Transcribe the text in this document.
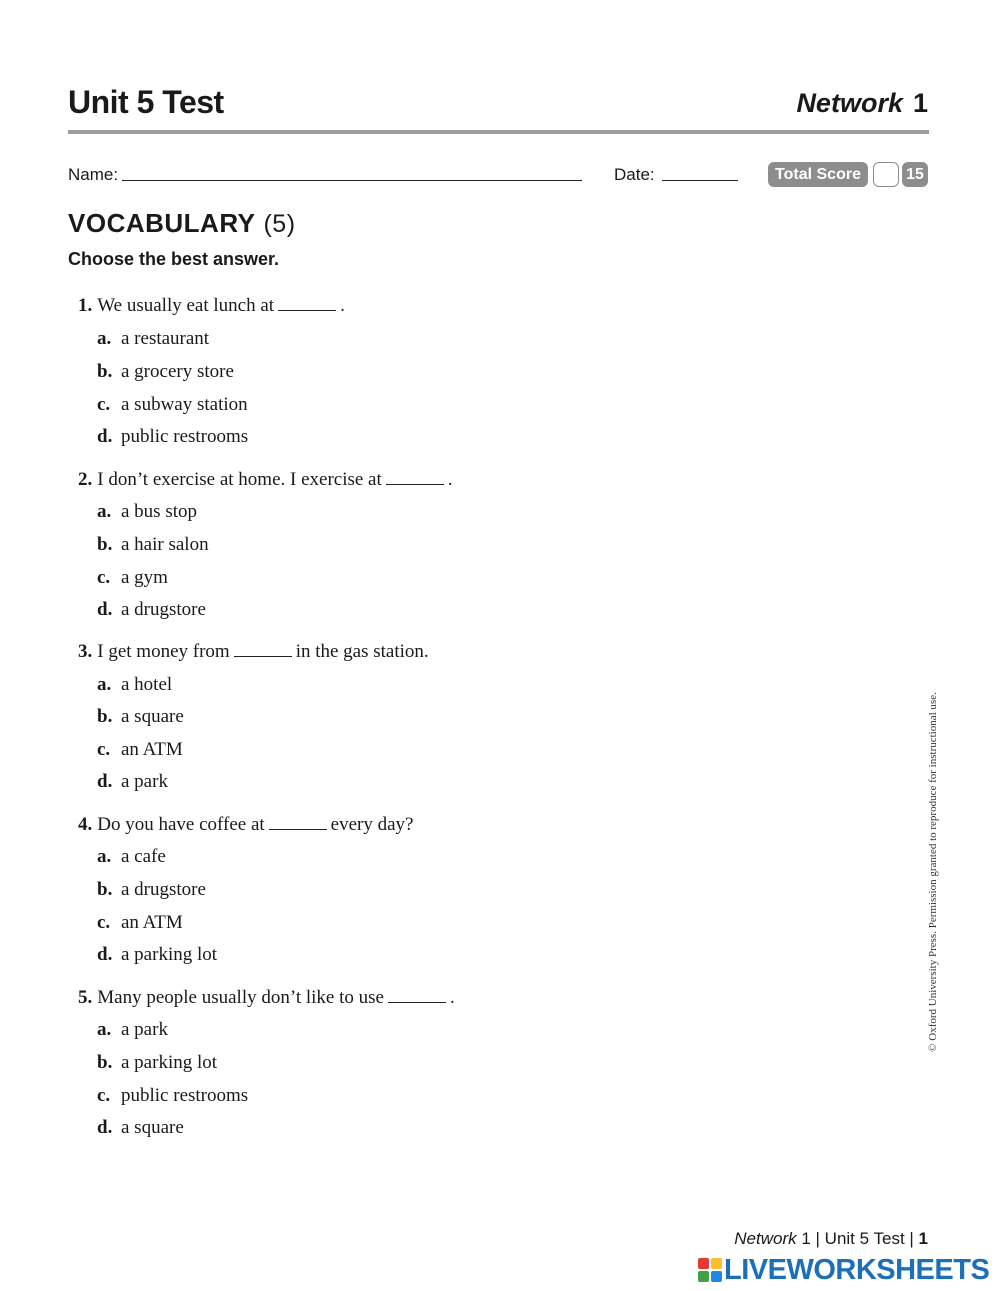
Unit 5 Test	Network 1
Name:	Date:	Total Score	15
VOCABULARY (5)
Choose the best answer.
1. We usually eat lunch at	.
a. a restaurant
b. a grocery store
c. a subway station
d. public restrooms
2. I don’t exercise at home. I exercise at	.
a. a bus stop
b. a hair salon
c. a gym
d. a drugstore
3. I get money from	in the gas station.
a. a hotel
b. a square
c. an ATM
d. a park
4. Do you have coffee at	every day?
a. a cafe
b. a drugstore
c. an ATM
d. a parking lot
5. Many people usually don’t like to use	.
a. a park
b. a parking lot
c. public restrooms
d. a square
© Oxford University Press. Permission granted to reproduce for instructional use.
Network 1 | Unit 5 Test | 1
LIVEWORKSHEETS
